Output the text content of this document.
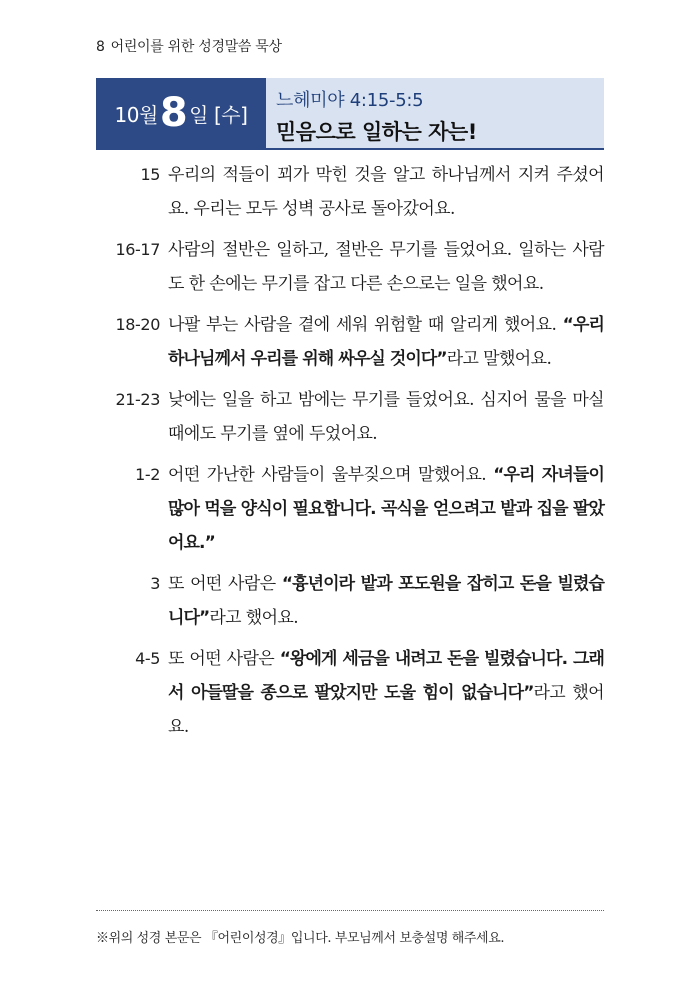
8 어린이를 위한 성경말씀 묵상
10월 8 일 [수]
느헤미야 4:15-5:5
믿음으로 일하는 자는!
15 우리의 적들이 꾀가 막힌 것을 알고 하나님께서 지켜 주셨어요. 우리는 모두 성벽 공사로 돌아갔어요.
16-17 사람의 절반은 일하고, 절반은 무기를 들었어요. 일하는 사람도 한 손에는 무기를 잡고 다른 손으로는 일을 했어요.
18-20 나팔 부는 사람을 곁에 세워 위험할 때 알리게 했어요. “우리 하나님께서 우리를 위해 싸우실 것이다”라고 말했어요.
21-23 낮에는 일을 하고 밤에는 무기를 들었어요. 심지어 물을 마실 때에도 무기를 옆에 두었어요.
1-2 어떤 가난한 사람들이 울부짖으며 말했어요. “우리 자녀들이 많아 먹을 양식이 필요합니다. 곡식을 얻으려고 밭과 집을 팔았어요.”
3 또 어떤 사람은 “흉년이라 밭과 포도원을 잡히고 돈을 빌렸습니다”라고 했어요.
4-5 또 어떤 사람은 “왕에게 세금을 내려고 돈을 빌렸습니다. 그래서 아들딸을 종으로 팔았지만 도울 힘이 없습니다”라고 했어요.
※위의 성경 본문은 『어린이성경』입니다. 부모님께서 보충설명 해주세요.
